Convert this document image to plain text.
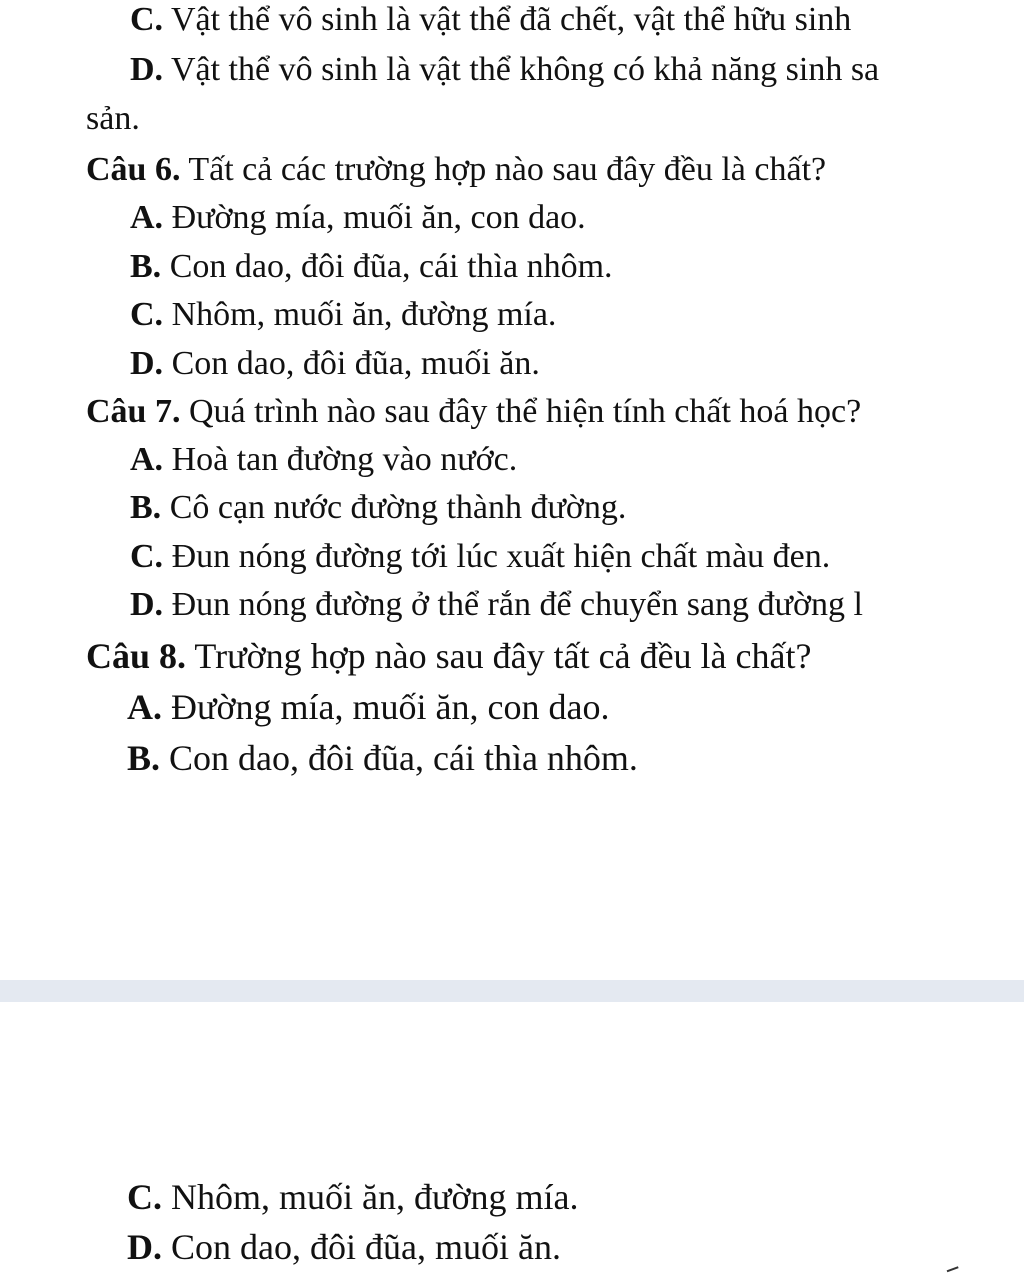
C. Vật thể vô sinh là vật thể đã chết, vật thể hữu sinh
D. Vật thể vô sinh là vật thể không có khả năng sinh sa
sản.
Câu 6. Tất cả các trường hợp nào sau đây đều là chất?
A. Đường mía, muối ăn, con dao.
B. Con dao, đôi đũa, cái thìa nhôm.
C. Nhôm, muối ăn, đường mía.
D. Con dao, đôi đũa, muối ăn.
Câu 7. Quá trình nào sau đây thể hiện tính chất hoá học?
A. Hoà tan đường vào nước.
B. Cô cạn nước đường thành đường.
C. Đun nóng đường tới lúc xuất hiện chất màu đen.
D. Đun nóng đường ở thể rắn để chuyển sang đường l
Câu 8. Trường hợp nào sau đây tất cả đều là chất?
A. Đường mía, muối ăn, con dao.
B. Con dao, đôi đũa, cái thìa nhôm.
C. Nhôm, muối ăn, đường mía.
D. Con dao, đôi đũa, muối ăn.
